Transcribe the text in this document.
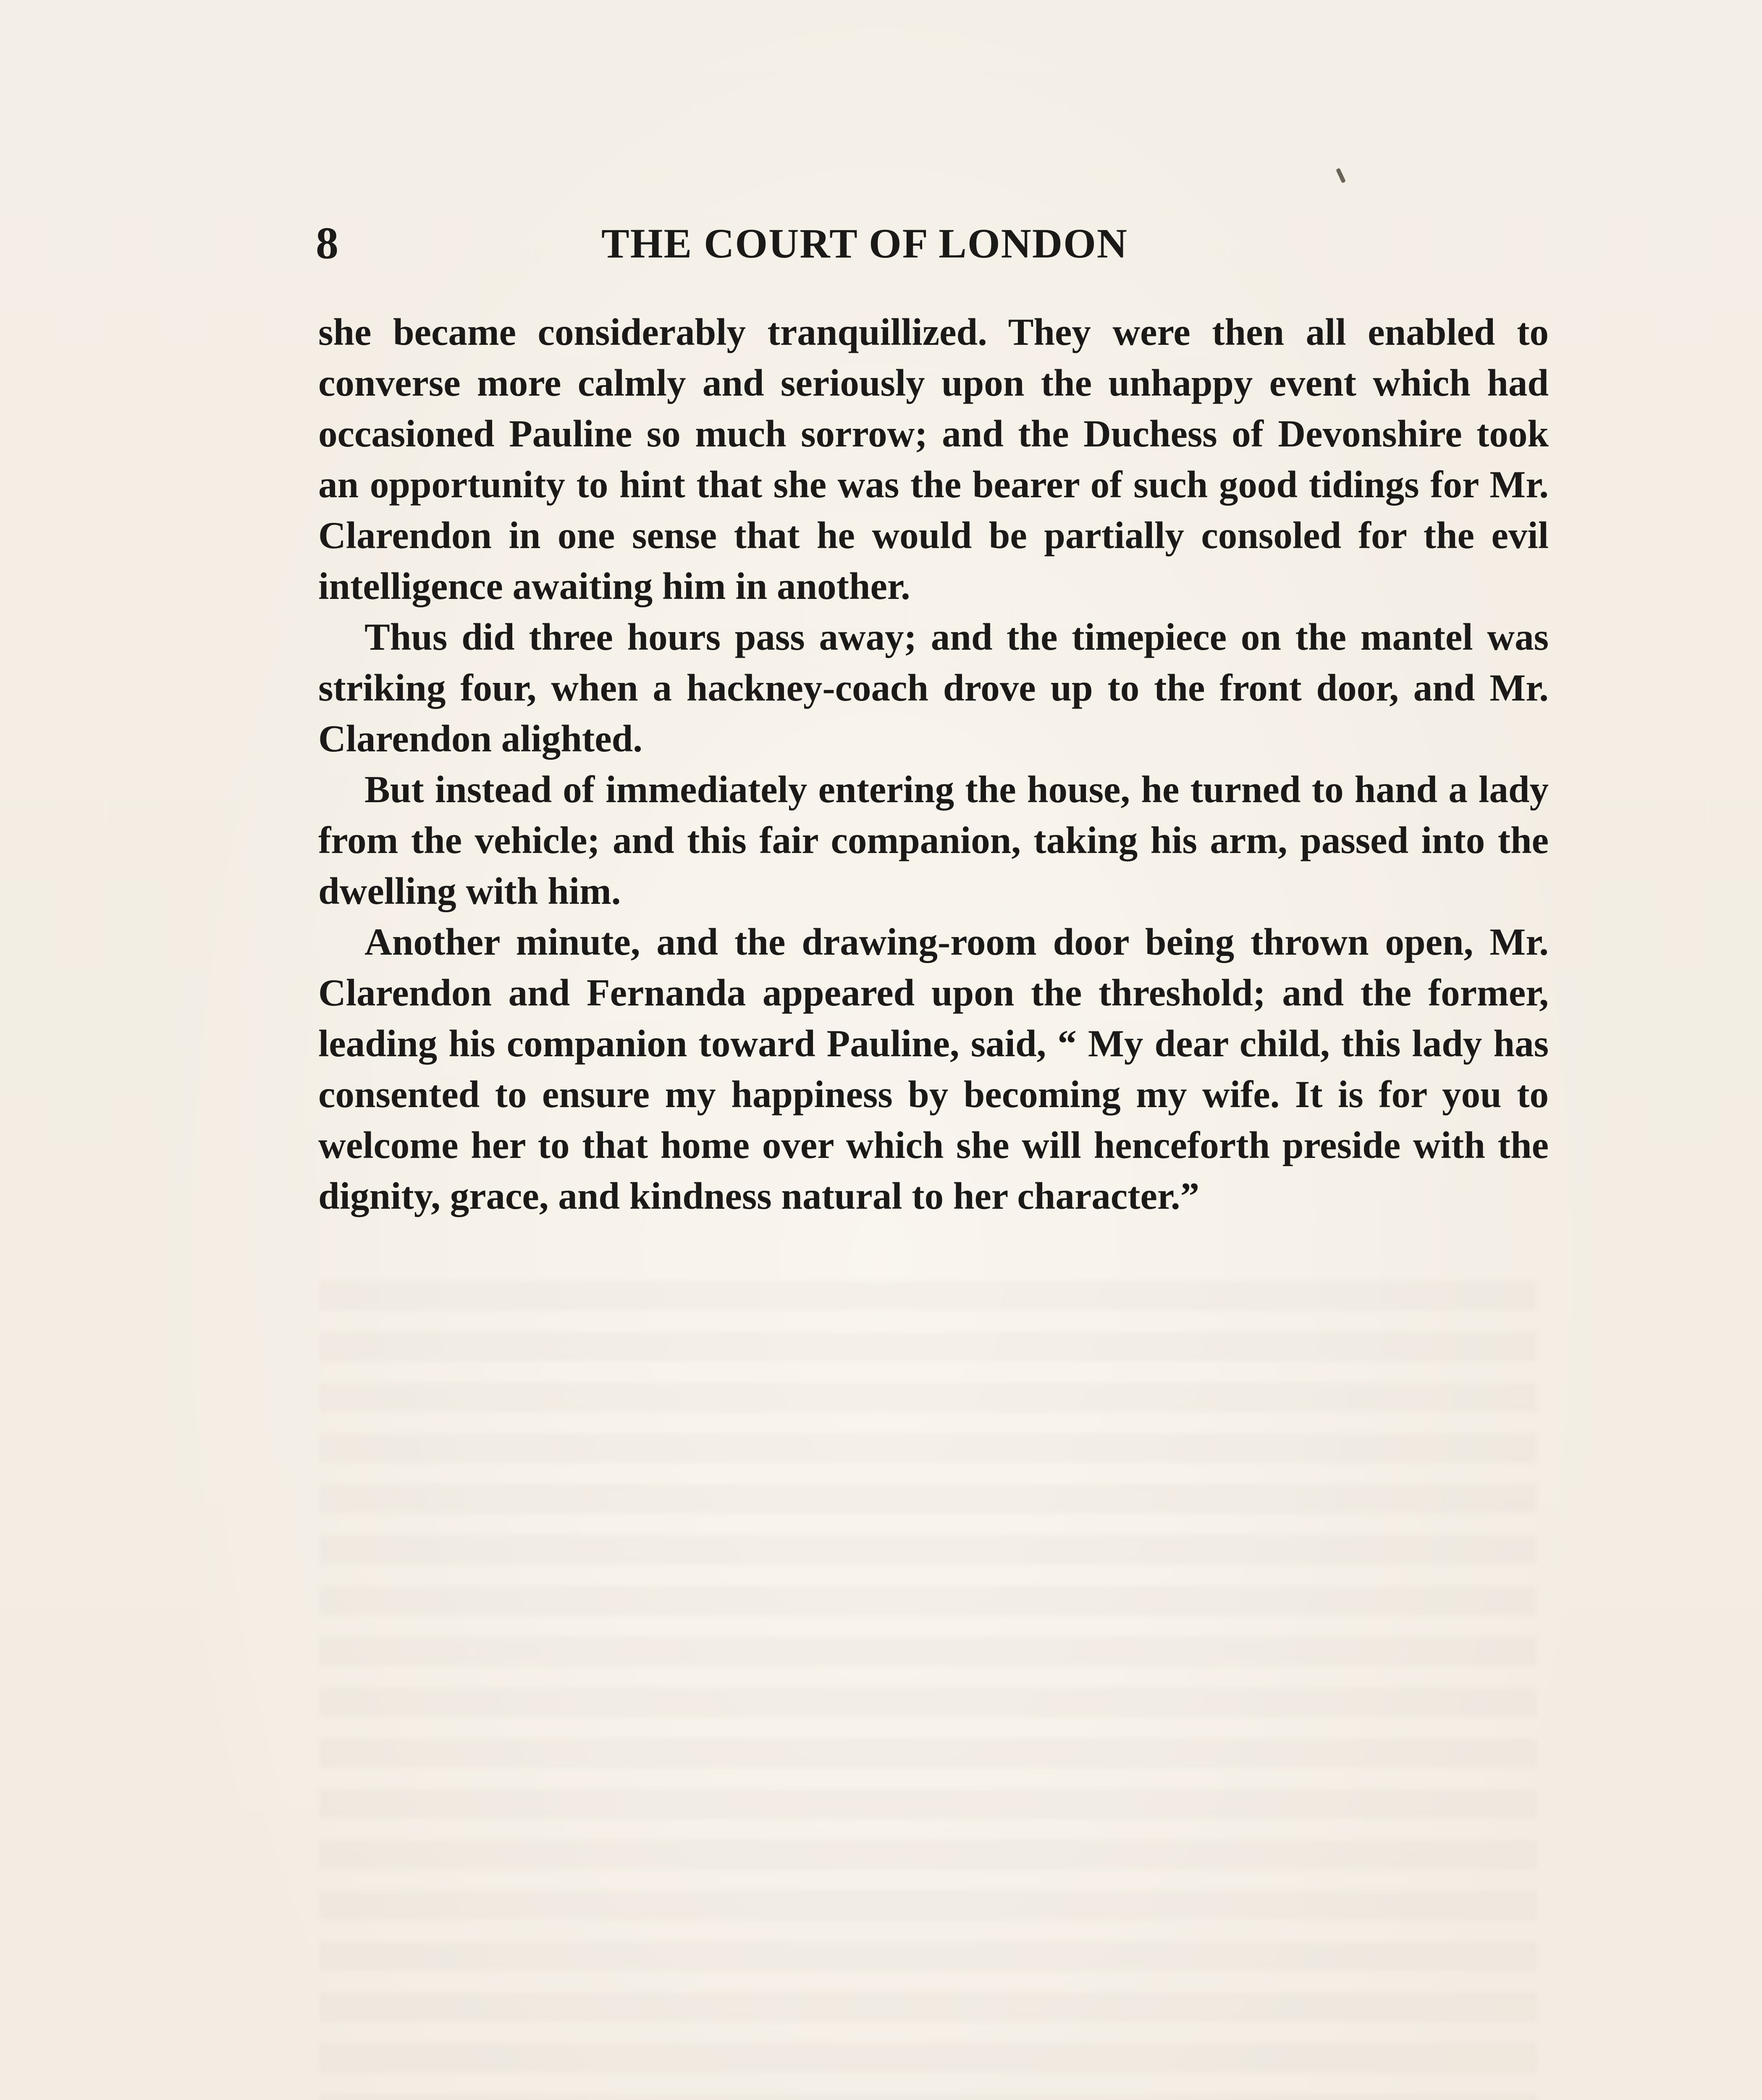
8	THE COURT OF LONDON

she became considerably tranquillized. They were then all enabled to converse more calmly and seriously upon the unhappy event which had occasioned Pauline so much sorrow; and the Duchess of Devonshire took an opportunity to hint that she was the bearer of such good tidings for Mr. Clarendon in one sense that he would be partially consoled for the evil intelligence awaiting him in another.

Thus did three hours pass away; and the timepiece on the mantel was striking four, when a hackney-coach drove up to the front door, and Mr. Clarendon alighted.

But instead of immediately entering the house, he turned to hand a lady from the vehicle; and this fair companion, taking his arm, passed into the dwelling with him.

Another minute, and the drawing-room door being thrown open, Mr. Clarendon and Fernanda appeared upon the threshold; and the former, leading his companion toward Pauline, said, “ My dear child, this lady has consented to ensure my happiness by becoming my wife. It is for you to welcome her to that home over which she will henceforth preside with the dignity, grace, and kindness natural to her character.”
